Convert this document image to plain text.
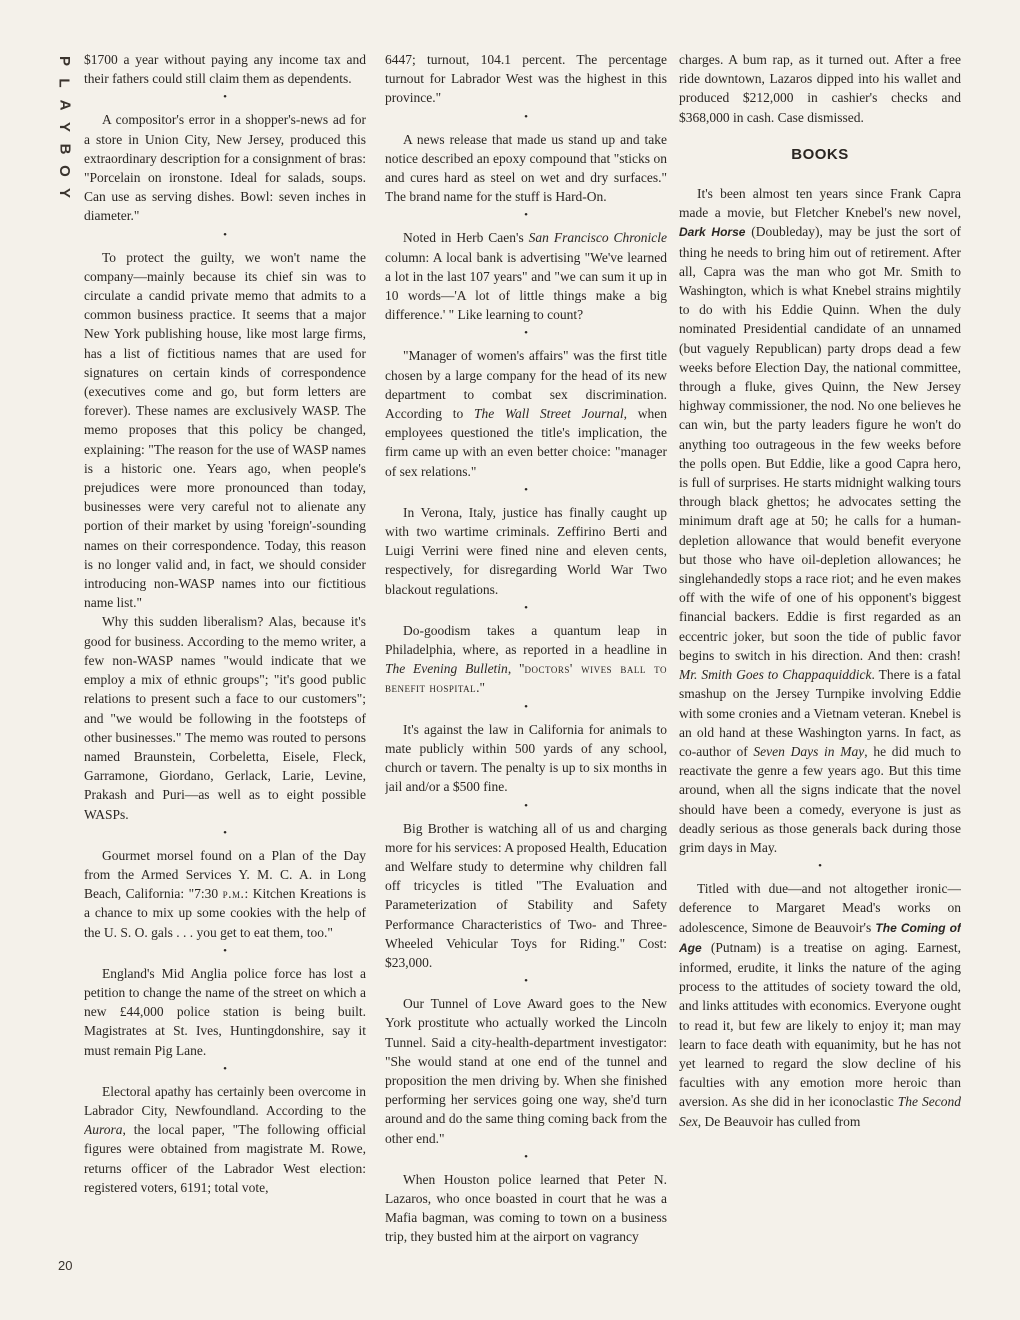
P
L
A
Y
B
O
Y
20

$1700 a year without paying any income tax and their fathers could still claim them as dependents.

•

A compositor's error in a shopper's-news ad for a store in Union City, New Jersey, produced this extraordinary description for a consignment of bras: "Porcelain on ironstone. Ideal for salads, soups. Can use as serving dishes. Bowl: seven inches in diameter."

•

To protect the guilty, we won't name the company—mainly because its chief sin was to circulate a candid private memo that admits to a common business practice. It seems that a major New York publishing house, like most large firms, has a list of fictitious names that are used for signatures on certain kinds of correspondence (executives come and go, but form letters are forever). These names are exclusively WASP. The memo proposes that this policy be changed, explaining: "The reason for the use of WASP names is a historic one. Years ago, when people's prejudices were more pronounced than today, businesses were very careful not to alienate any portion of their market by using 'foreign'-sounding names on their correspondence. Today, this reason is no longer valid and, in fact, we should consider introducing non-WASP names into our fictitious name list."

Why this sudden liberalism? Alas, because it's good for business. According to the memo writer, a few non-WASP names "would indicate that we employ a mix of ethnic groups"; "it's good public relations to present such a face to our customers"; and "we would be following in the footsteps of other businesses." The memo was routed to persons named Braunstein, Corbeletta, Eisele, Fleck, Garramone, Giordano, Gerlack, Larie, Levine, Prakash and Puri—as well as to eight possible WASPs.

•

Gourmet morsel found on a Plan of the Day from the Armed Services Y. M. C. A. in Long Beach, California: "7:30 p.m.: Kitchen Kreations is a chance to mix up some cookies with the help of the U. S. O. gals . . . you get to eat them, too."

•

England's Mid Anglia police force has lost a petition to change the name of the street on which a new £44,000 police station is being built. Magistrates at St. Ives, Huntingdonshire, say it must remain Pig Lane.

•

Electoral apathy has certainly been overcome in Labrador City, Newfoundland. According to the Aurora, the local paper, "The following official figures were obtained from magistrate M. Rowe, returns officer of the Labrador West election: registered voters, 6191; total vote,

6447; turnout, 104.1 percent. The percentage turnout for Labrador West was the highest in this province."

•

A news release that made us stand up and take notice described an epoxy compound that "sticks on and cures hard as steel on wet and dry surfaces." The brand name for the stuff is Hard-On.

•

Noted in Herb Caen's San Francisco Chronicle column: A local bank is advertising "We've learned a lot in the last 107 years" and "we can sum it up in 10 words—'A lot of little things make a big difference.' " Like learning to count?

•

"Manager of women's affairs" was the first title chosen by a large company for the head of its new department to combat sex discrimination. According to The Wall Street Journal, when employees questioned the title's implication, the firm came up with an even better choice: "manager of sex relations."

•

In Verona, Italy, justice has finally caught up with two wartime criminals. Zeffirino Berti and Luigi Verrini were fined nine and eleven cents, respectively, for disregarding World War Two blackout regulations.

•

Do-goodism takes a quantum leap in Philadelphia, where, as reported in a headline in The Evening Bulletin, "doctors' wives ball to benefit hospital."

•

It's against the law in California for animals to mate publicly within 500 yards of any school, church or tavern. The penalty is up to six months in jail and/or a $500 fine.

•

Big Brother is watching all of us and charging more for his services: A proposed Health, Education and Welfare study to determine why children fall off tricycles is titled "The Evaluation and Parameterization of Stability and Safety Performance Characteristics of Two- and Three-Wheeled Vehicular Toys for Riding." Cost: $23,000.

•

Our Tunnel of Love Award goes to the New York prostitute who actually worked the Lincoln Tunnel. Said a city-health-department investigator: "She would stand at one end of the tunnel and proposition the men driving by. When she finished performing her services going one way, she'd turn around and do the same thing coming back from the other end."

•

When Houston police learned that Peter N. Lazaros, who once boasted in court that he was a Mafia bagman, was coming to town on a business trip, they busted him at the airport on vagrancy

charges. A bum rap, as it turned out. After a free ride downtown, Lazaros dipped into his wallet and produced $212,000 in cashier's checks and $368,000 in cash. Case dismissed.

BOOKS

It's been almost ten years since Frank Capra made a movie, but Fletcher Knebel's new novel, Dark Horse (Doubleday), may be just the sort of thing he needs to bring him out of retirement. After all, Capra was the man who got Mr. Smith to Washington, which is what Knebel strains mightily to do with his Eddie Quinn. When the duly nominated Presidential candidate of an unnamed (but vaguely Republican) party drops dead a few weeks before Election Day, the national committee, through a fluke, gives Quinn, the New Jersey highway commissioner, the nod. No one believes he can win, but the party leaders figure he won't do anything too outrageous in the few weeks before the polls open. But Eddie, like a good Capra hero, is full of surprises. He starts midnight walking tours through black ghettos; he advocates setting the minimum draft age at 50; he calls for a human-depletion allowance that would benefit everyone but those who have oil-depletion allowances; he singlehandedly stops a race riot; and he even makes off with the wife of one of his opponent's biggest financial backers. Eddie is first regarded as an eccentric joker, but soon the tide of public favor begins to switch in his direction. And then: crash! Mr. Smith Goes to Chappaquiddick. There is a fatal smashup on the Jersey Turnpike involving Eddie with some cronies and a Vietnam veteran. Knebel is an old hand at these Washington yarns. In fact, as co-author of Seven Days in May, he did much to reactivate the genre a few years ago. But this time around, when all the signs indicate that the novel should have been a comedy, everyone is just as deadly serious as those generals back during those grim days in May.

•

Titled with due—and not altogether ironic—deference to Margaret Mead's works on adolescence, Simone de Beauvoir's The Coming of Age (Putnam) is a treatise on aging. Earnest, informed, erudite, it links the nature of the aging process to the attitudes of society toward the old, and links attitudes with economics. Everyone ought to read it, but few are likely to enjoy it; man may learn to face death with equanimity, but he has not yet learned to regard the slow decline of his faculties with any emotion more heroic than aversion. As she did in her iconoclastic The Second Sex, De Beauvoir has culled from
